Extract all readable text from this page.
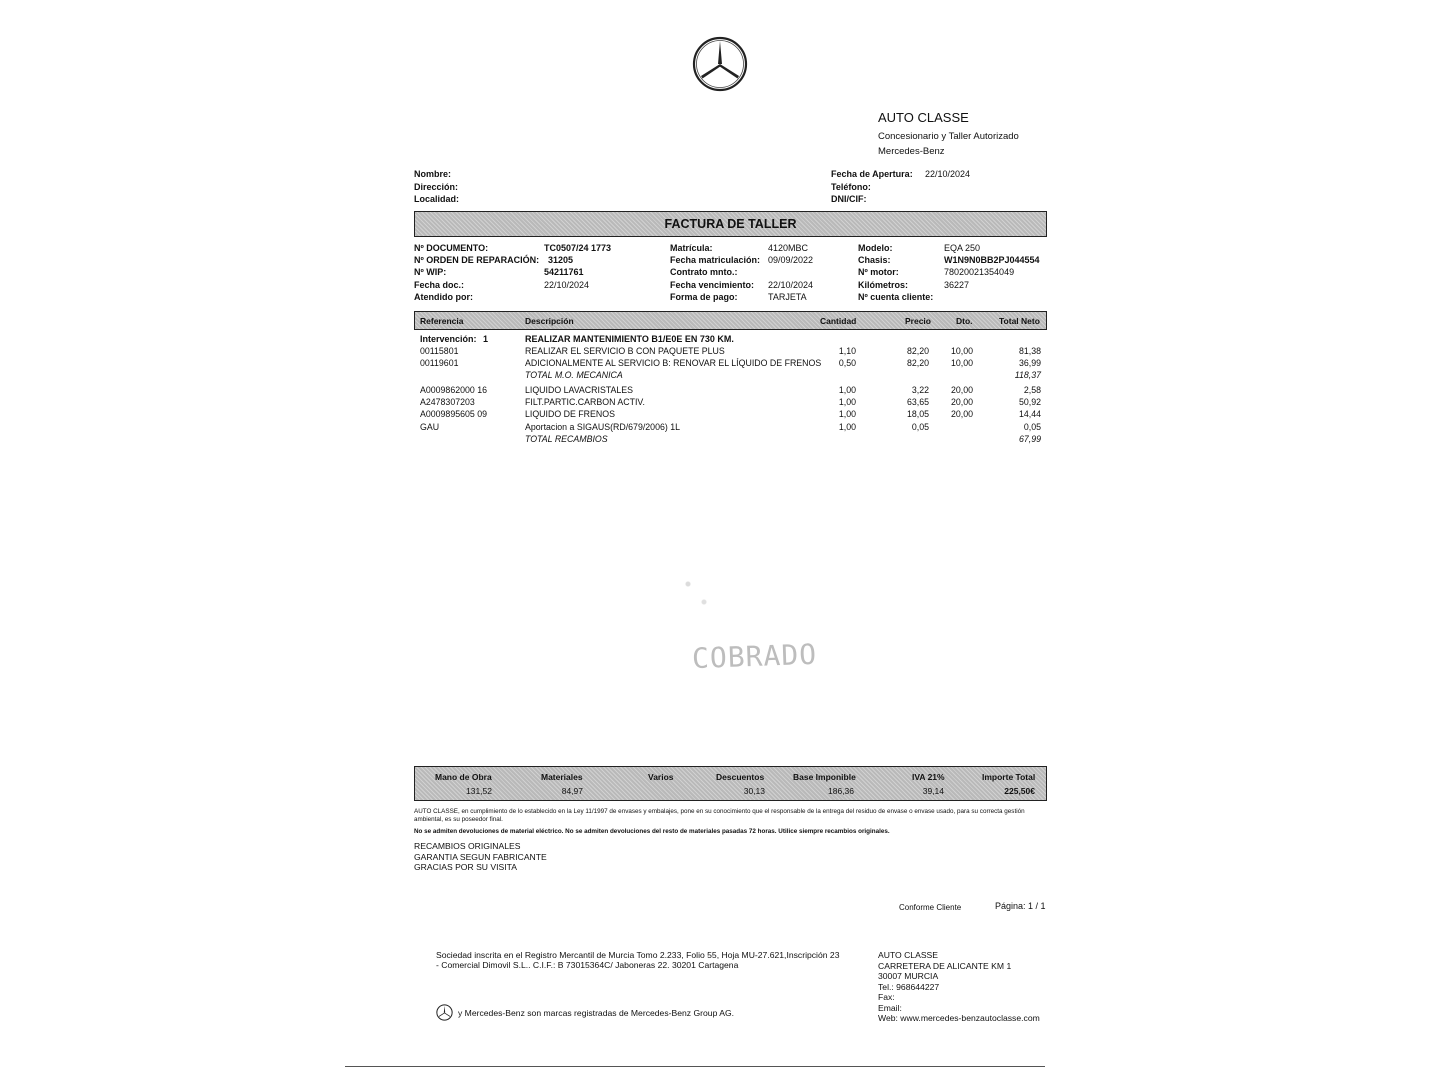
AUTO CLASSE
Concesionario y Taller Autorizado
Mercedes-Benz
Nombre:
Dirección:
Localidad:
Fecha de Apertura: 22/10/2024
Teléfono:
DNI/CIF:
FACTURA DE TALLER
Nº DOCUMENTO:	TC0507/24 1773
Nº ORDEN DE REPARACIÓN: 31205
Nº WIP:	54211761
Fecha doc.:	22/10/2024
Atendido por:
Matrícula:	4120MBC
Fecha matriculación: 09/09/2022
Contrato mnto.:
Fecha vencimiento: 22/10/2024
Forma de pago:	TARJETA
Modelo:	EQA 250
Chasis:	W1N9N0BB2PJ044554
Nº motor:	78020021354049
Kilómetros:	36227
Nº cuenta cliente:
Referencia	Descripción	Cantidad	Precio	Dto.	Total Neto
Intervención: 1	REALIZAR MANTENIMIENTO B1/E0E EN 730 KM.
00115801	REALIZAR EL SERVICIO B CON PAQUETE PLUS	1,10	82,20	10,00	81,38
00119601	ADICIONALMENTE AL SERVICIO B: RENOVAR EL LÍQUIDO DE FRENOS	0,50	82,20	10,00	36,99
TOTAL M.O. MECANICA	118,37
A0009862000 16	LIQUIDO LAVACRISTALES	1,00	3,22	20,00	2,58
A2478307203	FILT.PARTIC.CARBON ACTIV.	1,00	63,65	20,00	50,92
A0009895605 09	LIQUIDO DE FRENOS	1,00	18,05	20,00	14,44
GAU	Aportacion a SIGAUS(RD/679/2006) 1L	1,00	0,05	0,05
TOTAL RECAMBIOS	67,99
COBRADO
Mano de Obra
131,52
Materiales
84,97
Varios	Descuentos
30,13
Base Imponible
186,36
IVA 21%
39,14
Importe Total
225,50€
AUTO CLASSE, en cumplimiento de lo establecido en la Ley 11/1997 de envases y embalajes, pone en su conocimiento que el responsable de la entrega del residuo de envase o envase usado, para su correcta gestión ambiental, es su poseedor final.
No se admiten devoluciones de material eléctrico. No se admiten devoluciones del resto de materiales pasadas 72 horas. Utilice siempre recambios originales.
RECAMBIOS ORIGINALES
GARANTIA SEGUN FABRICANTE
GRACIAS POR SU VISITA
Conforme Cliente	Página: 1 / 1
Sociedad inscrita en el Registro Mercantil de Murcia Tomo 2.233, Folio 55, Hoja MU-27.621,Inscripción 23
- Comercial Dimovil S.L.. C.I.F.: B 73015364C/ Jaboneras 22. 30201 Cartagena
y Mercedes-Benz son marcas registradas de Mercedes-Benz Group AG.
AUTO CLASSE
CARRETERA DE ALICANTE KM 1
30007 MURCIA
Tel.: 968644227
Fax:
Email:
Web: www.mercedes-benzautoclasse.com
